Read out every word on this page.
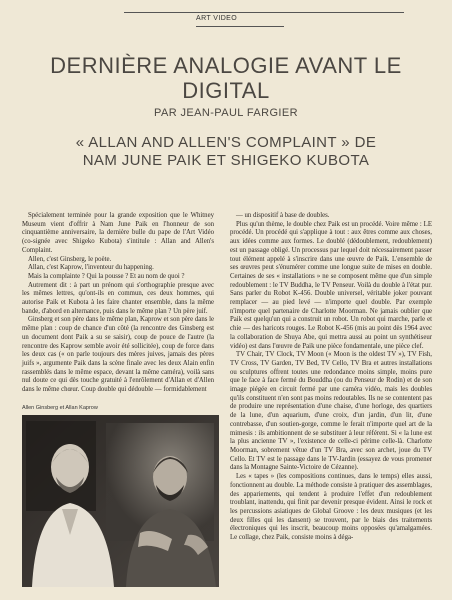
ART VIDEO
DERNIÈRE ANALOGIE AVANT LE
DIGITAL
PAR JEAN-PAUL FARGIER
« ALLAN AND ALLEN'S COMPLAINT » DE
NAM JUNE PAIK ET SHIGEKO KUBOTA

Spécialement terminée pour la grande exposition que le Whitney Museum vient d'offrir à Nam June Paik en l'honneur de son cinquantième anniversaire, la dernière bulle du pape de l'Art Vidéo (co-signée avec Shigeko Kubota) s'intitule : Allan and Allen's Complaint.

Allen, c'est Ginsberg, le poète.

Allan, c'est Kaprow, l'inventeur du happening.

Mais la complainte ? Qui la pousse ? Et au nom de quoi ?

Autrement dit : à part un prénom qui s'orthographie presque avec les mêmes lettres, qu'ont-ils en commun, ces deux hommes, qui autorise Paik et Kubota à les faire chanter ensemble, dans la même bande, d'abord en alternance, puis dans le même plan ? Un père juif.

Ginsberg et son père dans le même plan, Kaprow et son père dans le même plan : coup de chance d'un côté (la rencontre des Ginsberg est un document dont Paik a su se saisir), coup de pouce de l'autre (la rencontre des Kaprow semble avoir été sollicitée), coup de force dans les deux cas (« on parle toujours des mères juives, jamais des pères juifs », argumente Paik dans la scène finale avec les deux Alain enfin rassemblés dans le même espace, devant la même caméra), voilà sans nul doute ce qui dès touche gratuité à l'enrôlement d'Allan et d'Allen dans le même chœur. Coup double qui dédouble — formidablement

Allen Ginsberg et Allan Kaprow

— un dispositif à base de doubles.

Plus qu'un thème, le double chez Paik est un procédé. Voire même : LE procédé. Un procédé qui s'applique à tout : aux êtres comme aux choses, aux idées comme aux formes. Le doublé (dédoublement, redoublement) est un passage obligé. Un processus par lequel doit nécessairement passer tout élément appelé à s'inscrire dans une œuvre de Paik. L'ensemble de ses œuvres peut s'énumérer comme une longue suite de mises en double. Certaines de ses « installations » ne se composent même que d'un simple redoublement : le TV Buddha, le TV Penseur. Voilà du double à l'état pur. Sans parler du Robot K-456. Double universel, véritable joker pouvant remplacer — au pied levé — n'importe quel double. Par exemple n'importe quel partenaire de Charlotte Moorman. Ne jamais oublier que Paik est quelqu'un qui a construit un robot. Un robot qui marche, parle et chie — des haricots rouges. Le Robot K-456 (mis au point dès 1964 avec la collaboration de Shuya Abe, qui mettra aussi au point un synthétiseur vidéo) est dans l'œuvre de Paik une pièce fondamentale, une pièce clef.

TV Chair, TV Clock, TV Moon (« Moon is the oldest TV »), TV Fish, TV Cross, TV Garden, TV Bed, TV Cello, TV Bra et autres installations ou sculptures offrent toutes une redondance moins simple, moins pure que le face à face fermé du Bouddha (ou du Penseur de Rodin) et de son image piégée en circuit fermé par une caméra vidéo, mais les doubles qu'ils constituent n'en sont pas moins redoutables. Ils ne se contentent pas de produire une représentation d'une chaise, d'une horloge, des quartiers de la lune, d'un aquarium, d'une croix, d'un jardin, d'un lit, d'une contrebasse, d'un soutien-gorge, comme le ferait n'importe quel art de la mimesis : ils ambitionnent de se substituer à leur référent. Si « la lune est la plus ancienne TV », l'existence de celle-ci périme celle-là. Charlotte Moorman, sobrement vêtue d'un TV Bra, avec son archet, joue du TV Cello. Et TV est le passage dans le TV-Jardin (essayez de vous promener dans la Montagne Sainte-Victoire de Cézanne).

Les « tapes » (les compositions continues, dans le temps) elles aussi, fonctionnent au double. La méthode consiste à pratiquer des assemblages, des appariements, qui tendent à produire l'effet d'un redoublement troublant, inattendu, qui finit par devenir presque évident. Ainsi le rock et les percussions asiatiques de Global Groove : les deux musiques (et les deux filles qui les dansent) se trouvent, par le biais des traitements électroniques qui les inscrit, beaucoup moins opposées qu'amalgamées. Le collage, chez Paik, consiste moins à déga-
